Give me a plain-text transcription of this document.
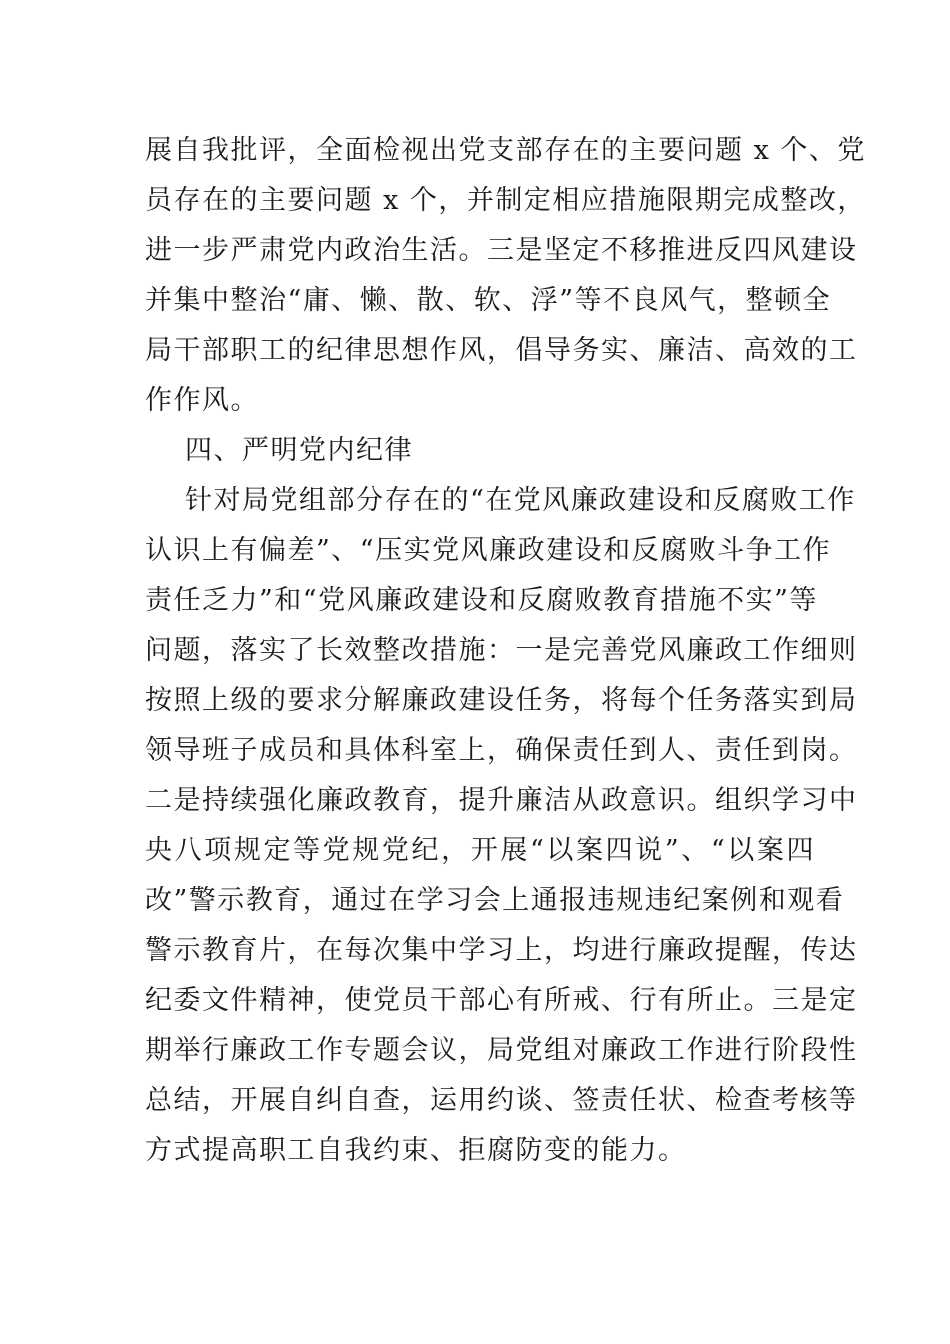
展自我批评，全面检视出党支部存在的主要问题 x 个、党
员存在的主要问题 x 个，并制定相应措施限期完成整改，
进一步严肃党内政治生活。三是坚定不移推进反四风建设
并集中整治“庸、懒、散、软、浮”等不良风气，整顿全
局干部职工的纪律思想作风，倡导务实、廉洁、高效的工
作作风。
四、严明党内纪律
针对局党组部分存在的“在党风廉政建设和反腐败工作
认识上有偏差”、“压实党风廉政建设和反腐败斗争工作
责任乏力”和“党风廉政建设和反腐败教育措施不实”等
问题，落实了长效整改措施：一是完善党风廉政工作细则
按照上级的要求分解廉政建设任务，将每个任务落实到局
领导班子成员和具体科室上，确保责任到人、责任到岗。
二是持续强化廉政教育，提升廉洁从政意识。组织学习中
央八项规定等党规党纪，开展“以案四说”、“以案四
改”警示教育，通过在学习会上通报违规违纪案例和观看
警示教育片，在每次集中学习上，均进行廉政提醒，传达
纪委文件精神，使党员干部心有所戒、行有所止。三是定
期举行廉政工作专题会议，局党组对廉政工作进行阶段性
总结，开展自纠自查，运用约谈、签责任状、检查考核等
方式提高职工自我约束、拒腐防变的能力。
